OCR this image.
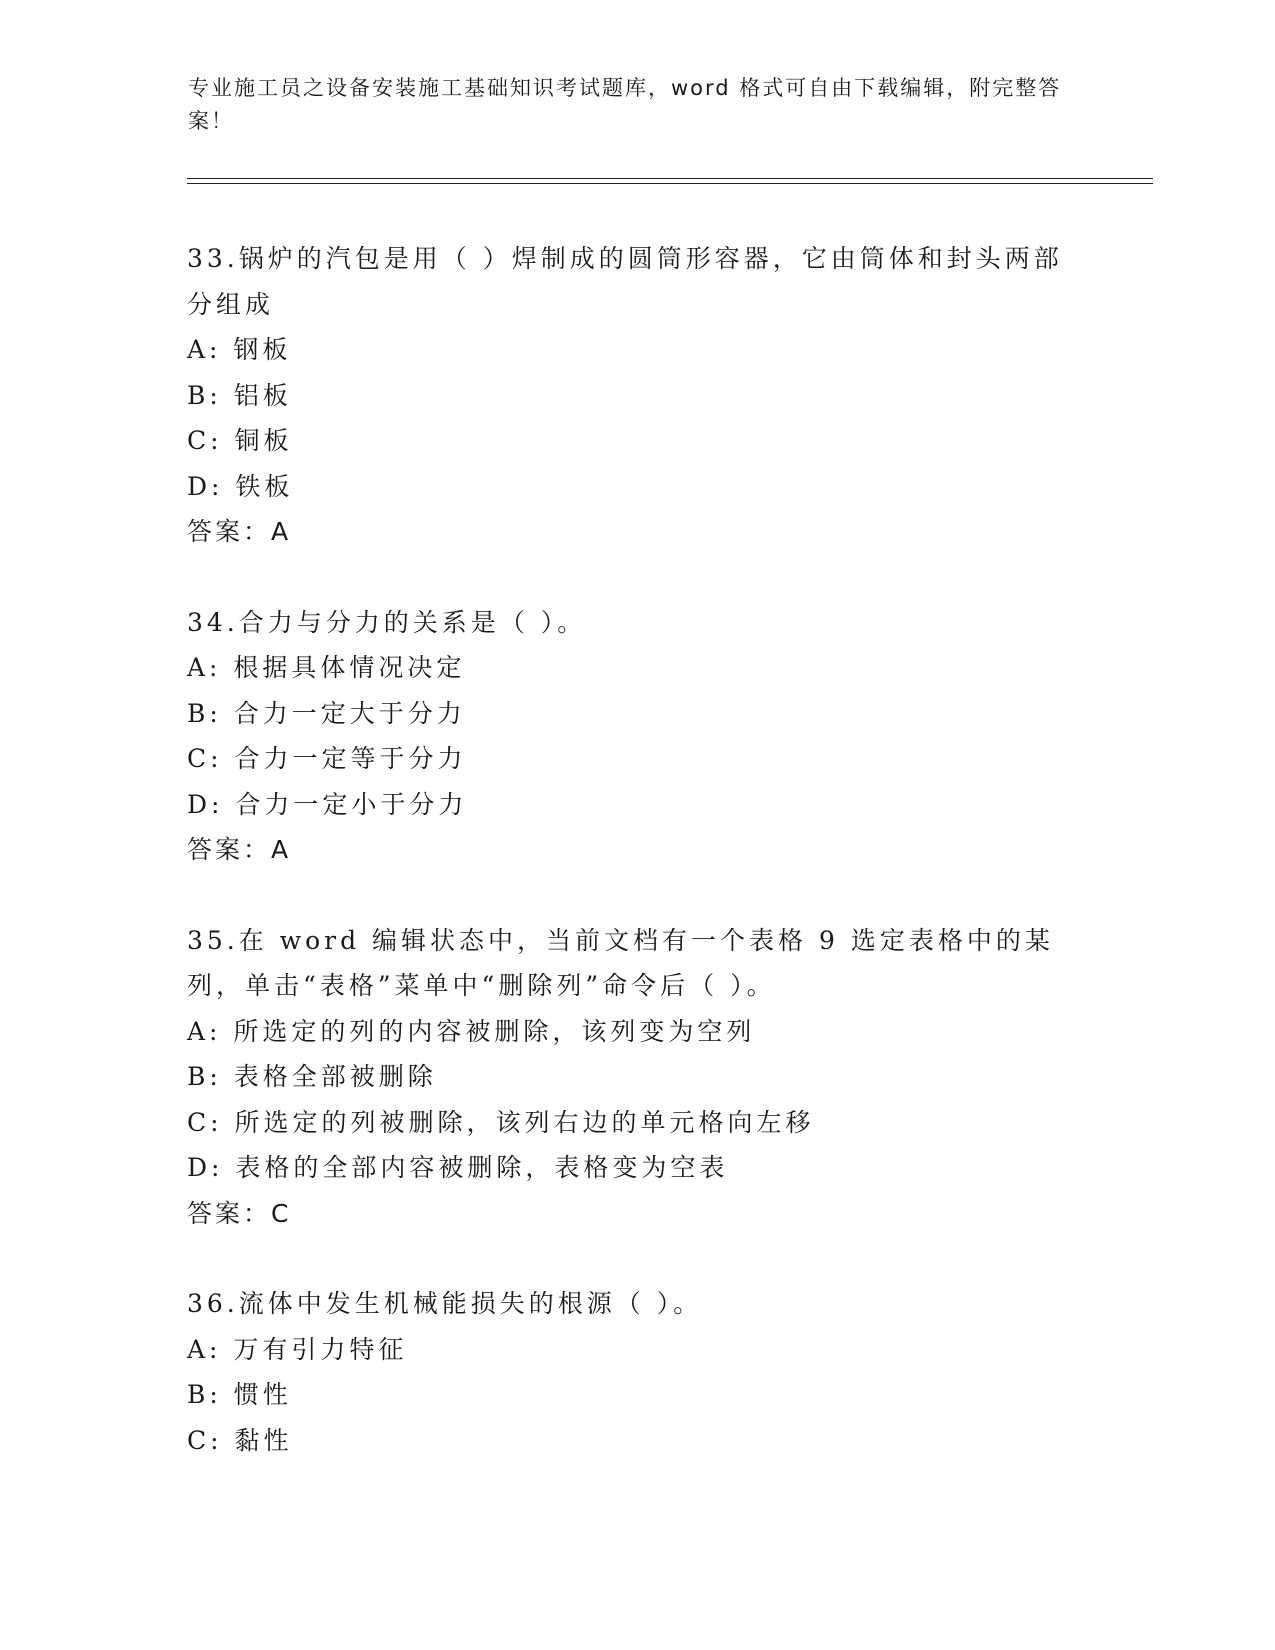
专业施工员之设备安装施工基础知识考试题库，word 格式可自由下载编辑，附完整答案！
33.锅炉的汽包是用（ ）焊制成的圆筒形容器，它由筒体和封头两部分组成
A: 钢板
B: 铝板
C: 铜板
D: 铁板
答案：A
34.合力与分力的关系是（ ）。
A: 根据具体情况决定
B: 合力一定大于分力
C: 合力一定等于分力
D: 合力一定小于分力
答案：A
35.在 word 编辑状态中，当前文档有一个表格 9 选定表格中的某列，单击“表格”菜单中“删除列”命令后（ ）。
A: 所选定的列的内容被删除，该列变为空列
B: 表格全部被删除
C: 所选定的列被删除，该列右边的单元格向左移
D: 表格的全部内容被删除，表格变为空表
答案：C
36.流体中发生机械能损失的根源（ ）。
A: 万有引力特征
B: 惯性
C: 黏性
